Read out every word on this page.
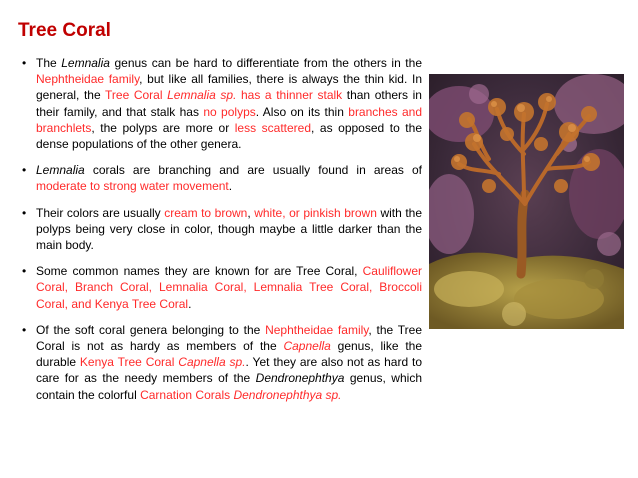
Tree Coral
• The Lemnalia genus can be hard to differentiate from the others in the Nephtheidae family, but like all families, there is always the thin kid. In general, the Tree Coral Lemnalia sp. has a thinner stalk than others in their family, and that stalk has no polyps. Also on its thin branches and branchlets, the polyps are more or less scattered, as opposed to the dense populations of the other genera.
• Lemnalia corals are branching and are usually found in areas of moderate to strong water movement.
• Their colors are usually cream to brown, white, or pinkish brown with the polyps being very close in color, though maybe a little darker than the main body.
• Some common names they are known for are Tree Coral, Cauliflower Coral, Branch Coral, Lemnalia Coral, Lemnalia Tree Coral, Broccoli Coral, and Kenya Tree Coral.
• Of the soft coral genera belonging to the Nephtheidae family, the Tree Coral is not as hardy as members of the Capnella genus, like the durable Kenya Tree Coral Capnella sp.. Yet they are also not as hard to care for as the needy members of the Dendronephthya genus, which contain the colorful Carnation Corals Dendronephthya sp.
